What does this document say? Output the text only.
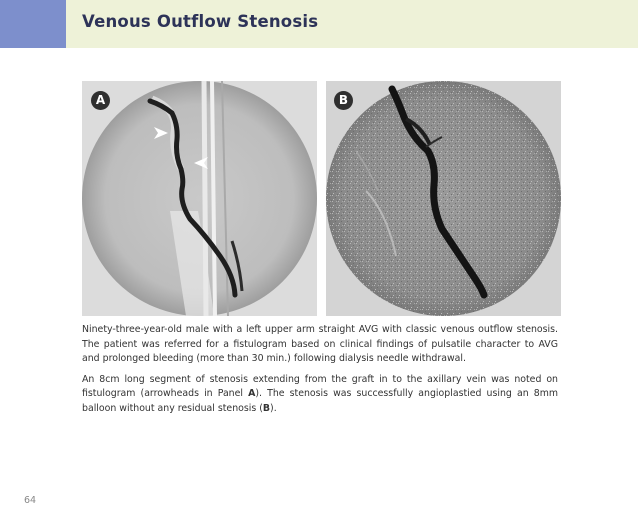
Venous Outflow Stenosis
A	B

Ninety-three-year-old male with a left upper arm straight AVG with classic venous outflow stenosis. The patient was referred for a fistulogram based on clinical findings of pulsatile character to AVG and prolonged bleeding (more than 30 min.) following dialysis needle withdrawal.

An 8cm long segment of stenosis extending from the graft in to the axillary vein was noted on fistulogram (arrowheads in Panel A). The stenosis was successfully angioplastied using an 8mm balloon without any residual stenosis (B).

64
